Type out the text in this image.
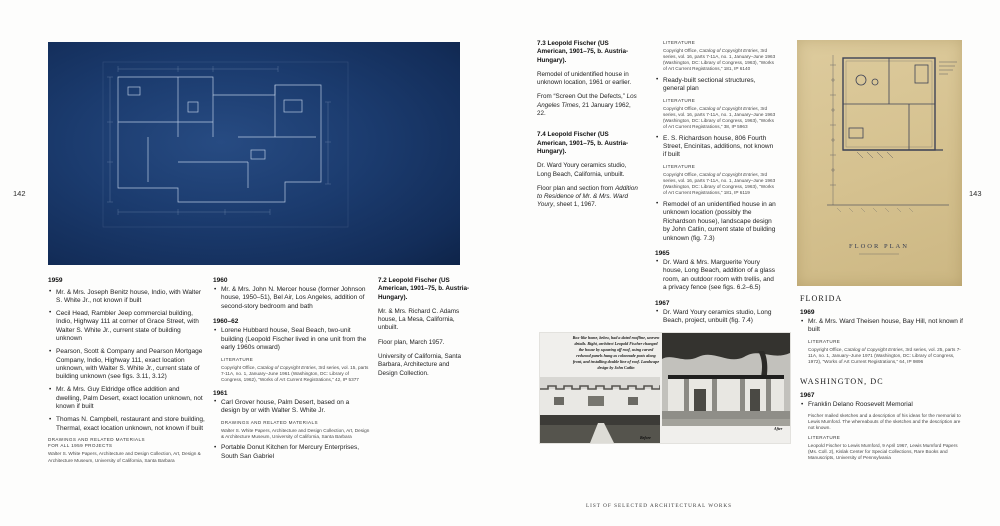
142
1959
• Mr. & Mrs. Joseph Benitz house, Indio, with Walter S. White Jr., not known if built
• Cecil Head, Rambler Jeep commercial building, Indio, Highway 111 at corner of Grace Street, with Walter S. White Jr., current state of building unknown
• Pearson, Scott & Company and Pearson Mortgage Company, Indio, Highway 111, exact location unknown, with Walter S. White Jr., current state of building unknown (see figs. 3.11, 3.12)
• Mr. & Mrs. Guy Eldridge office addition and dwelling, Palm Desert, exact location unknown, not known if built
• Thomas N. Campbell, restaurant and store building, Thermal, exact location unknown, not known if built
DRAWINGS AND RELATED MATERIALS
FOR ALL 1959 PROJECTS
Walter S. White Papers, Architecture and Design Collection, Art, Design & Architecture Museum, University of California, Santa Barbara
1960
• Mr. & Mrs. John N. Mercer house (former Johnson house, 1950–51), Bel Air, Los Angeles, addition of second-story bedroom and bath
1960–62
• Lorene Hubbard house, Seal Beach, two-unit building (Leopold Fischer lived in one unit from the early 1960s onward)
LITERATURE
Copyright Office, Catalog of Copyright Entries, 3rd series, vol. 15, parts 7-11A, no. 1, January–June 1961 (Washington, DC: Library of Congress, 1962), “Works of Art Current Registrations,” 42, IP 5377
1961
• Carl Grover house, Palm Desert, based on a design by or with Walter S. White Jr.
DRAWINGS AND RELATED MATERIALS
Walter S. White Papers, Architecture and Design Collection, Art, Design & Architecture Museum, University of California, Santa Barbara
• Portable Donut Kitchen for Mercury Enterprises, South San Gabriel
7.2 Leopold Fischer (US American, 1901–75, b. Austria-Hungary).
Mr. & Mrs. Richard C. Adams house, La Mesa, California, unbuilt.
Floor plan, March 1957.
University of California, Santa Barbara, Architecture and Design Collection.
143
7.3 Leopold Fischer (US American, 1901–75, b. Austria-Hungary).
Remodel of unidentified house in unknown location, 1961 or earlier.
From “Screen Out the Defects,” Los Angeles Times, 21 January 1962, 22.
7.4 Leopold Fischer (US American, 1901–75, b. Austria-Hungary).
Dr. Ward Youry ceramics studio, Long Beach, California, unbuilt.
Floor plan and section from Addition to Residence of Mr. & Mrs. Ward Youry, sheet 1, 1967.
LITERATURE
Copyright Office, Catalog of Copyright Entries, 3rd series, vol. 16, parts 7-11A, no. 1, January–June 1963 (Washington, DC: Library of Congress, 1963), “Works of Art Current Registrations,” 181, IP 6140
• Ready-built sectional structures, general plan
LITERATURE
Copyright Office, Catalog of Copyright Entries, 3rd series, vol. 16, parts 7-11A, no. 1, January–June 1963 (Washington, DC: Library of Congress, 1963), “Works of Art Current Registrations,” 38, IP 5963
• E. S. Richardson house, 806 Fourth Street, Encinitas, additions, not known if built
LITERATURE
Copyright Office, Catalog of Copyright Entries, 3rd series, vol. 16, parts 7-11A, no. 1, January–June 1963 (Washington, DC: Library of Congress, 1963), “Works of Art Current Registrations,” 181, IP 6119
• Remodel of an unidentified house in an unknown location (possibly the Richardson house), landscape design by John Catlin, current state of building unknown (fig. 7.3)
1965
• Dr. Ward & Mrs. Marguerite Youry house, Long Beach, addition of a glass room, an outdoor room with trellis, and a privacy fence (see figs. 6.2–6.5)
1967
• Dr. Ward Youry ceramics studio, Long Beach, project, unbuilt (fig. 7.4)
•
FLOOR PLAN
Box-like home, below, had a dated roofline, uneven details. Right, architect Leopold Fischer changed the house by squaring off roof, using carved redwood panels hung as colonnade posts along front, and installing double line of roof. Landscape design by John Catlin
Before
After
FLORIDA
1969
• Mr. & Mrs. Ward Theisen house, Bay Hill, not known if built
LITERATURE
Copyright Office, Catalog of Copyright Entries, 3rd series, vol. 25, parts 7-11A, no. 1, January–June 1971 (Washington, DC: Library of Congress, 1972), “Works of Art Current Registrations,” 64, IP 9896
WASHINGTON, DC
1967
• Franklin Delano Roosevelt Memorial
Fischer mailed sketches and a description of his ideas for the memorial to Lewis Mumford. The whereabouts of the sketches and the description are not known.
LITERATURE
Leopold Fischer to Lewis Mumford, 9 April 1967, Lewis Mumford Papers (Ms. Coll. 2), Kislak Center for Special Collections, Rare Books and Manuscripts, University of Pennsylvania
LIST OF SELECTED ARCHITECTURAL WORKS
